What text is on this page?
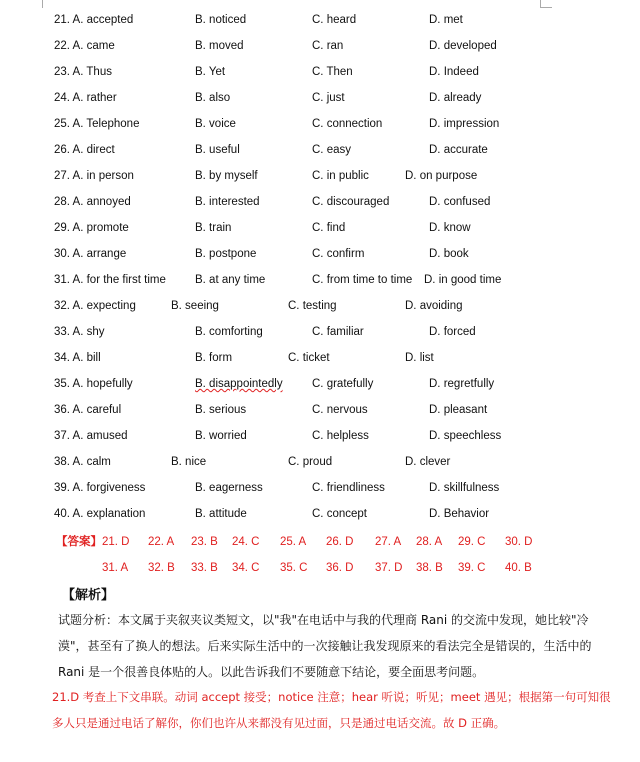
21. A. accepted	B. noticed	C. heard	D. met
22. A. came	B. moved	C. ran	D. developed
23. A. Thus	B. Yet	C. Then	D. Indeed
24. A. rather	B. also	C. just	D. already
25. A. Telephone	B. voice	C. connection	D. impression
26. A. direct	B. useful	C. easy	D. accurate
27. A. in person	B. by myself	C. in public	D. on purpose
28. A. annoyed	B. interested	C. discouraged	D. confused
29. A. promote	B. train	C. find	D. know
30. A. arrange	B. postpone	C. confirm	D. book
31. A. for the first time	B. at any time	C. from time to time D. in good time
32. A. expecting	B. seeing	C. testing	D. avoiding
33. A. shy	B. comforting	C. familiar	D. forced
34. A. bill	B. form	C. ticket	D. list
35. A. hopefully	B. disappointedly	C. gratefully	D. regretfully
36. A. careful	B. serious	C. nervous	D. pleasant
37. A. amused	B. worried	C. helpless	D. speechless
38. A. calm	B. nice	C. proud	D. clever
39. A. forgiveness	B. eagerness	C. friendliness	D. skillfulness
40. A. explanation	B. attitude	C. concept	D. Behavior
【答案】 21. D 22. A 23. B 24. C 25. A 26. D 27. A 28. A 29. C 30. D
31. A 32. B 33. B 34. C 35. C 36. D 37. D 38. B 39. C 40. B
【解析】
试题分析：本文属于夹叙夹议类短文，以"我"在电话中与我的代理商 Rani 的交流中发现，她比较"冷漠"，甚至有了换人的想法。后来实际生活中的一次接触让我发现原来的看法完全是错误的，生活中的 Rani 是一个很善良体贴的人。以此告诉我们不要随意下结论，要全面思考问题。
21.D 考查上下文串联。动词 accept 接受；notice 注意；hear 听说；听见；meet 遇见；根据第一句可知很多人只是通过电话了解你，你们也许从来都没有见过面，只是通过电话交流。故 D 正确。
